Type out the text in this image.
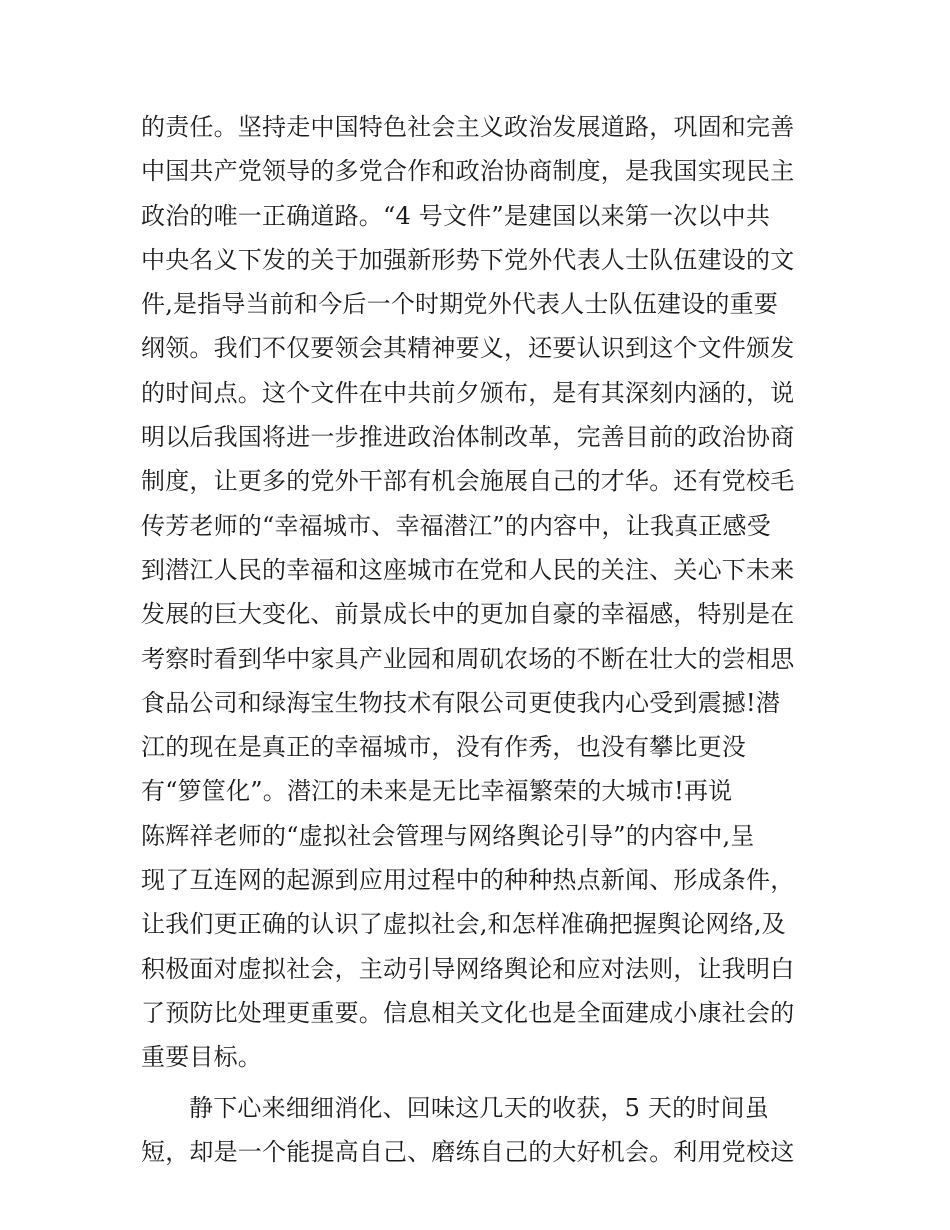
的责任。坚持走中国特色社会主义政治发展道路，巩固和完善
中国共产党领导的多党合作和政治协商制度，是我国实现民主
政治的唯一正确道路。“4 号文件”是建国以来第一次以中共
中央名义下发的关于加强新形势下党外代表人士队伍建设的文
件,是指导当前和今后一个时期党外代表人士队伍建设的重要
纲领。我们不仅要领会其精神要义，还要认识到这个文件颁发
的时间点。这个文件在中共前夕颁布，是有其深刻内涵的，说
明以后我国将进一步推进政治体制改革，完善目前的政治协商
制度，让更多的党外干部有机会施展自己的才华。还有党校毛
传芳老师的“幸福城市、幸福潜江”的内容中，让我真正感受
到潜江人民的幸福和这座城市在党和人民的关注、关心下未来
发展的巨大变化、前景成长中的更加自豪的幸福感，特别是在
考察时看到华中家具产业园和周矶农场的不断在壮大的尝相思
食品公司和绿海宝生物技术有限公司更使我内心受到震撼!潜
江的现在是真正的幸福城市，没有作秀，也没有攀比更没
有“箩筐化”。潜江的未来是无比幸福繁荣的大城市!再说
陈辉祥老师的“虚拟社会管理与网络舆论引导”的内容中,呈
现了互连网的起源到应用过程中的种种热点新闻、形成条件，
让我们更正确的认识了虚拟社会,和怎样准确把握舆论网络,及
积极面对虚拟社会，主动引导网络舆论和应对法则，让我明白
了预防比处理更重要。信息相关文化也是全面建成小康社会的
重要目标。
静下心来细细消化、回味这几天的收获，5 天的时间虽
短，却是一个能提高自己、磨练自己的大好机会。利用党校这
